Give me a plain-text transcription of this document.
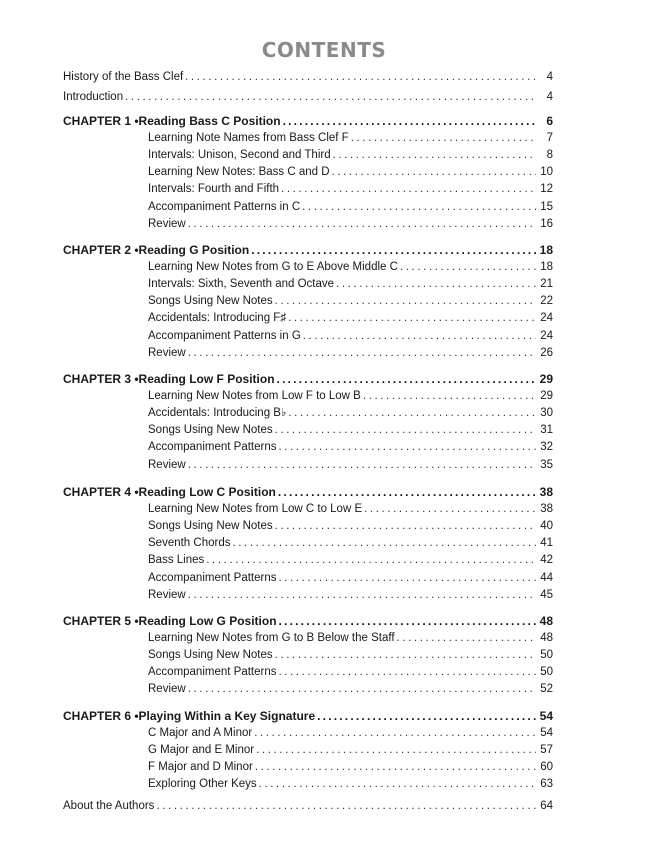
CONTENTS
History of the Bass Clef .....	4
Introduction .....	4
CHAPTER 1 • Reading Bass C Position .....	6
Learning Note Names from Bass Clef F .....	7
Intervals: Unison, Second and Third .....	8
Learning New Notes: Bass C and D .....	10
Intervals: Fourth and Fifth .....	12
Accompaniment Patterns in C .....	15
Review .....	16
CHAPTER 2 • Reading G Position .....	18
Learning New Notes from G to E Above Middle C .....	18
Intervals: Sixth, Seventh and Octave .....	21
Songs Using New Notes .....	22
Accidentals: Introducing F♯ .....	24
Accompaniment Patterns in G .....	24
Review .....	26
CHAPTER 3 • Reading Low F Position .....	29
Learning New Notes from Low F to Low B .....	29
Accidentals: Introducing B♭ .....	30
Songs Using New Notes .....	31
Accompaniment Patterns .....	32
Review .....	35
CHAPTER 4 • Reading Low C Position .....	38
Learning New Notes from Low C to Low E .....	38
Songs Using New Notes .....	40
Seventh Chords .....	41
Bass Lines .....	42
Accompaniment Patterns .....	44
Review .....	45
CHAPTER 5 • Reading Low G Position .....	48
Learning New Notes from G to B Below the Staff .....	48
Songs Using New Notes .....	50
Accompaniment Patterns .....	50
Review .....	52
CHAPTER 6 • Playing Within a Key Signature .....	54
C Major and A Minor .....	54
G Major and E Minor .....	57
F Major and D Minor .....	60
Exploring Other Keys .....	63
About the Authors .....	64
